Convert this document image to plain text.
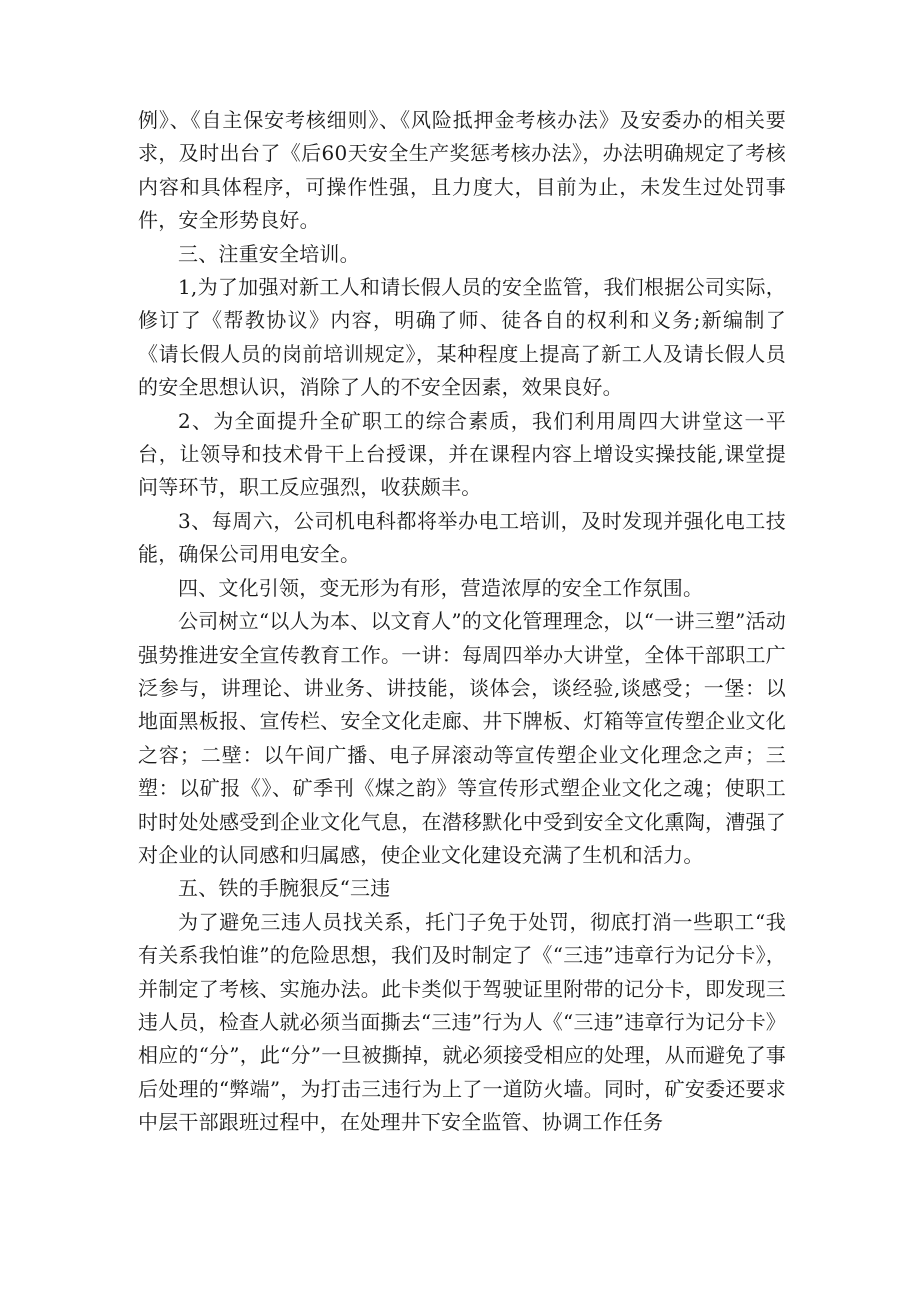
例》、《自主保安考核细则》、《风险抵押金考核办法》及安委办的相关要求，及时出台了《后60天安全生产奖惩考核办法》，办法明确规定了考核内容和具体程序，可操作性强，且力度大，目前为止，未发生过处罚事件，安全形势良好。

三、注重安全培训。

1,为了加强对新工人和请长假人员的安全监管，我们根据公司实际，修订了《帮教协议》内容，明确了师、徒各自的权利和义务;新编制了《请长假人员的岗前培训规定》，某种程度上提高了新工人及请长假人员的安全思想认识，消除了人的不安全因素，效果良好。

2、为全面提升全矿职工的综合素质，我们利用周四大讲堂这一平台，让领导和技术骨干上台授课，并在课程内容上增设实操技能,课堂提问等环节，职工反应强烈，收获颇丰。

3、每周六，公司机电科都将举办电工培训，及时发现并强化电工技能，确保公司用电安全。

四、文化引领，变无形为有形，营造浓厚的安全工作氛围。

公司树立“以人为本、以文育人”的文化管理理念，以“一讲三塑”活动强势推进安全宣传教育工作。一讲：每周四举办大讲堂，全体干部职工广泛参与，讲理论、讲业务、讲技能，谈体会，谈经验,谈感受；一堡：以地面黑板报、宣传栏、安全文化走廊、井下牌板、灯箱等宣传塑企业文化之容；二壁：以午间广播、电子屏滚动等宣传塑企业文化理念之声；三塑：以矿报《》、矿季刊《煤之韵》等宣传形式塑企业文化之魂；使职工时时处处感受到企业文化气息，在潜移默化中受到安全文化熏陶，漕强了对企业的认同感和归属感，使企业文化建设充满了生机和活力。

五、铁的手腕狠反“三违

为了避免三违人员找关系，托门子免于处罚，彻底打消一些职工“我有关系我怕谁”的危险思想，我们及时制定了《“三违”违章行为记分卡》，并制定了考核、实施办法。此卡类似于驾驶证里附带的记分卡，即发现三违人员，检查人就必须当面撕去“三违”行为人《“三违”违章行为记分卡》相应的“分”，此“分”一旦被撕掉，就必须接受相应的处理，从而避免了事后处理的“弊端”，为打击三违行为上了一道防火墙。同时，矿安委还要求中层干部跟班过程中，在处理井下安全监管、协调工作任务
